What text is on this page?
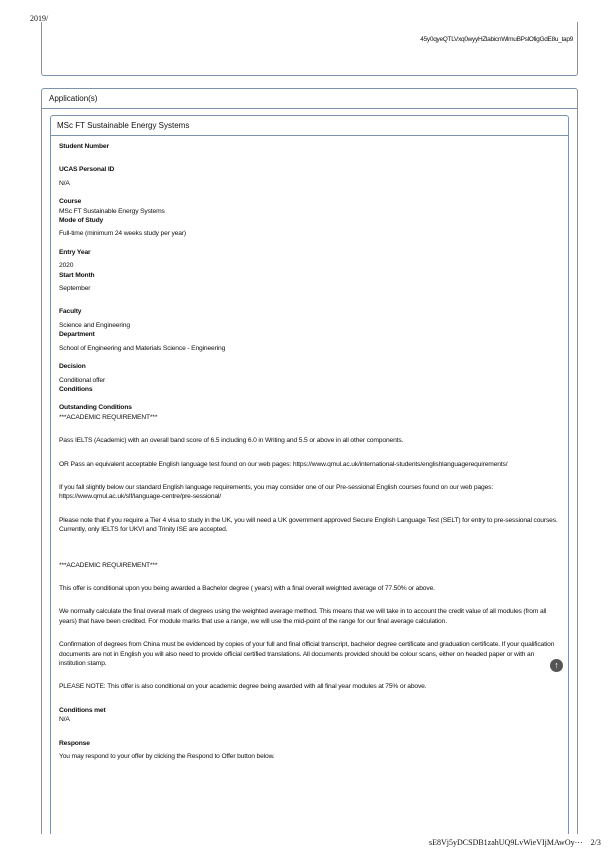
2019/
45y0qyeQTLVxq0wyyHZlabicnWlmuBPslOfigGdE8u_tap9
Application(s)
MSc FT Sustainable Energy Systems

Student Number

UCAS Personal ID

N/A

Course

MSc FT Sustainable Energy Systems

Mode of Study

Full-time (minimum 24 weeks study per year)

Entry Year

2020

Start Month

September

Faculty

Science and Engineering

Department

School of Engineering and Materials Science - Engineering

Decision

Conditional offer

Conditions

Outstanding Conditions

***ACADEMIC REQUIREMENT***

Pass IELTS (Academic) with an overall band score of 6.5 including 6.0 in Writing and 5.5 or above in all other components.

OR Pass an equivalent acceptable English language test found on our web pages: https://www.qmul.ac.uk/international-students/englishlanguagerequirements/

If you fall slightly below our standard English language requirements, you may consider one of our Pre-sessional English courses found on our web pages: https://www.qmul.ac.uk/slf/language-centre/pre-sessional/

Please note that if you require a Tier 4 visa to study in the UK, you will need a UK government approved Secure English Language Test (SELT) for entry to pre-sessional courses. Currently, only IELTS for UKVI and Trinity ISE are accepted.

***ACADEMIC REQUIREMENT***

This offer is conditional upon you being awarded a Bachelor degree ( years) with a final overall weighted average of 77.50% or above.

We normally calculate the final overall mark of degrees using the weighted average method. This means that we will take in to account the credit value of all modules (from all years) that have been credited. For module marks that use a range, we will use the mid-point of the range for our final average calculation.

Confirmation of degrees from China must be evidenced by copies of your full and final official transcript, bachelor degree certificate and graduation certificate. If your qualification documents are not in English you will also need to provide official certified translations. All documents provided should be colour scans, either on headed paper or with an institution stamp.

PLEASE NOTE: This offer is also conditional on your academic degree being awarded with all final year modules at 75% or above.

Conditions met

N/A

Response

You may respond to your offer by clicking the Respond to Offer button below.

↑
sE8Vj5yDCSDB1zahUQ9LvWieVIjMAwOy⋯ 2/3
